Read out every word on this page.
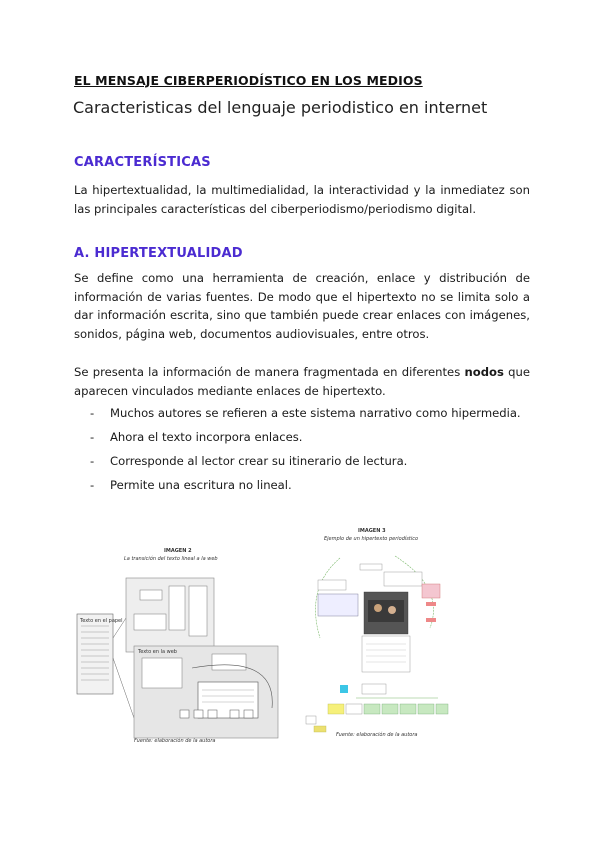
EL MENSAJE CIBERPERIODÍSTICO EN LOS MEDIOS
Caracteristicas del lenguaje periodistico en internet
CARACTERÍSTICAS

La hipertextualidad, la multimedialidad, la interactividad y la inmediatez son las principales características del ciberperiodismo/periodismo digital.

A. HIPERTEXTUALIDAD

Se define como una herramienta de creación, enlace y distribución de información de varias fuentes. De modo que el hipertexto no se limita solo a dar información escrita, sino que también puede crear enlaces con imágenes, sonidos, página web, documentos audiovisuales, entre otros.

Se presenta la información de manera fragmentada en diferentes nodos que aparecen vinculados mediante enlaces de hipertexto.

- Muchos autores se refieren a este sistema narrativo como hipermedia.
- Ahora el texto incorpora enlaces.
- Corresponde al lector crear su itinerario de lectura.
- Permite una escritura no lineal.
IMAGEN 2
La transición del texto lineal a la web
Texto en el papel
Texto en la web
Fuente: elaboración de la autora
IMAGEN 3
Ejemplo de un hipertexto periodístico
Fuente: elaboración de la autora
